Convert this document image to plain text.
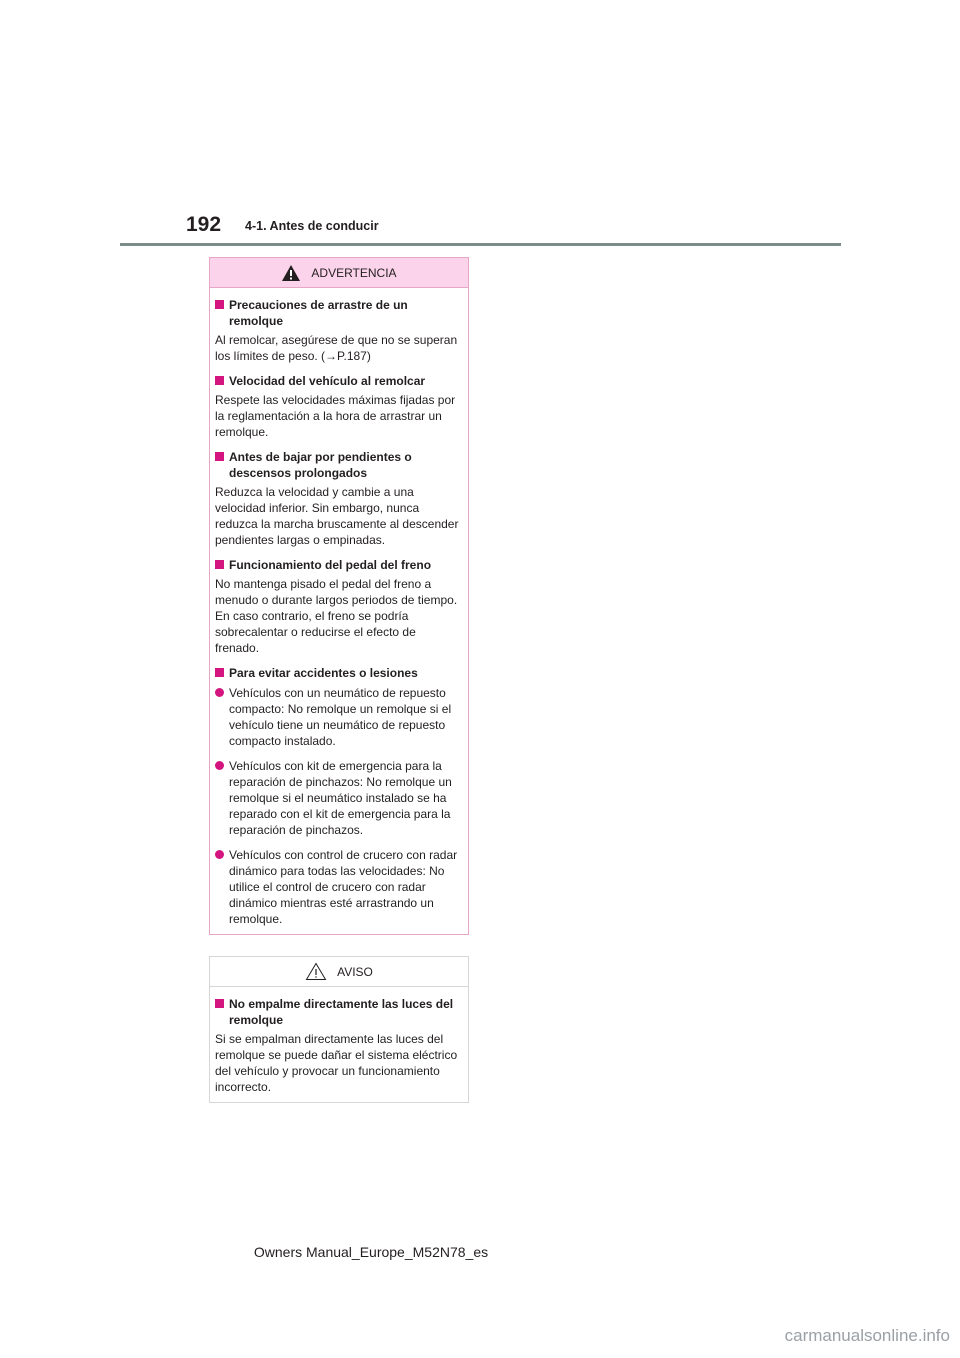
192 4-1. Antes de conducir
ADVERTENCIA
Precauciones de arrastre de un remolque
Al remolcar, asegúrese de que no se superan los límites de peso. (→P.187)
Velocidad del vehículo al remolcar
Respete las velocidades máximas fijadas por la reglamentación a la hora de arrastrar un remolque.
Antes de bajar por pendientes o descensos prolongados
Reduzca la velocidad y cambie a una velocidad inferior. Sin embargo, nunca reduzca la marcha bruscamente al descender pendientes largas o empinadas.
Funcionamiento del pedal del freno
No mantenga pisado el pedal del freno a menudo o durante largos periodos de tiempo. En caso contrario, el freno se podría sobrecalentar o reducirse el efecto de frenado.
Para evitar accidentes o lesiones
Vehículos con un neumático de repuesto compacto: No remolque un remolque si el vehículo tiene un neumático de repuesto compacto instalado.
Vehículos con kit de emergencia para la reparación de pinchazos: No remolque un remolque si el neumático instalado se ha reparado con el kit de emergencia para la reparación de pinchazos.
Vehículos con control de crucero con radar dinámico para todas las velocidades: No utilice el control de crucero con radar dinámico mientras esté arrastrando un remolque.
AVISO
No empalme directamente las luces del remolque
Si se empalman directamente las luces del remolque se puede dañar el sistema eléctrico del vehículo y provocar un funcionamiento incorrecto.
Owners Manual_Europe_M52N78_es
carmanualsonline.info
